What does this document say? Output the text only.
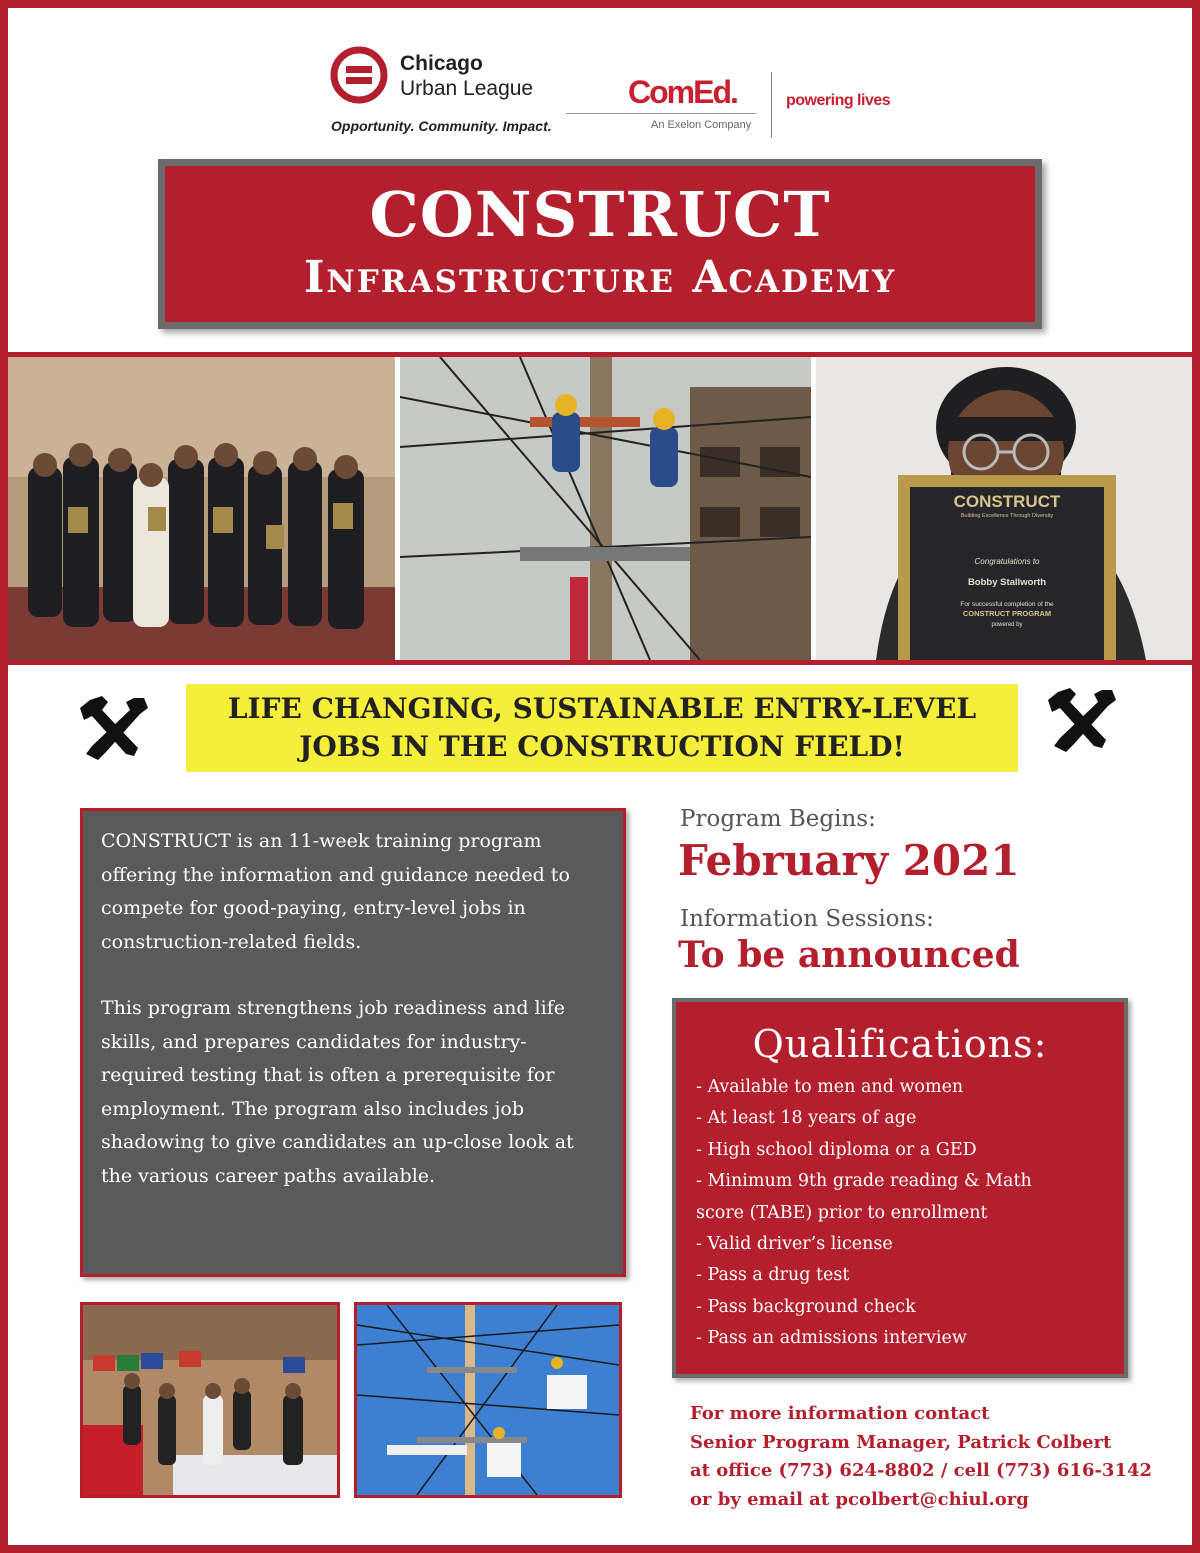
Chicago
Urban League
Opportunity. Community. Impact.
ComEd.
An Exelon Company
powering lives
CONSTRUCT
Infrastructure Academy
CONSTRUCT
Building Excellence Through Diversity
Congratulations to
Bobby Stallworth
For successful completion of the
CONSTRUCT PROGRAM
powered by
LIFE CHANGING, SUSTAINABLE ENTRY-LEVEL
JOBS IN THE CONSTRUCTION FIELD!

CONSTRUCT is an 11-week training program offering the information and guidance needed to compete for good-paying, entry-level jobs in construction-related fields.

This program strengthens job readiness and life skills, and prepares candidates for industry-required testing that is often a prerequisite for employment. The program also includes job shadowing to give candidates an up-close look at the various career paths available.

Program Begins:
February 2021
Information Sessions:
To be announced
Qualifications:
- Available to men and women
- At least 18 years of age
- High school diploma or a GED
- Minimum 9th grade reading & Math
score (TABE) prior to enrollment
- Valid driver’s license
- Pass a drug test
- Pass background check
- Pass an admissions interview
For more information contact
Senior Program Manager, Patrick Colbert
at office (773) 624-8802 / cell (773) 616-3142
or by email at pcolbert@chiul.org
